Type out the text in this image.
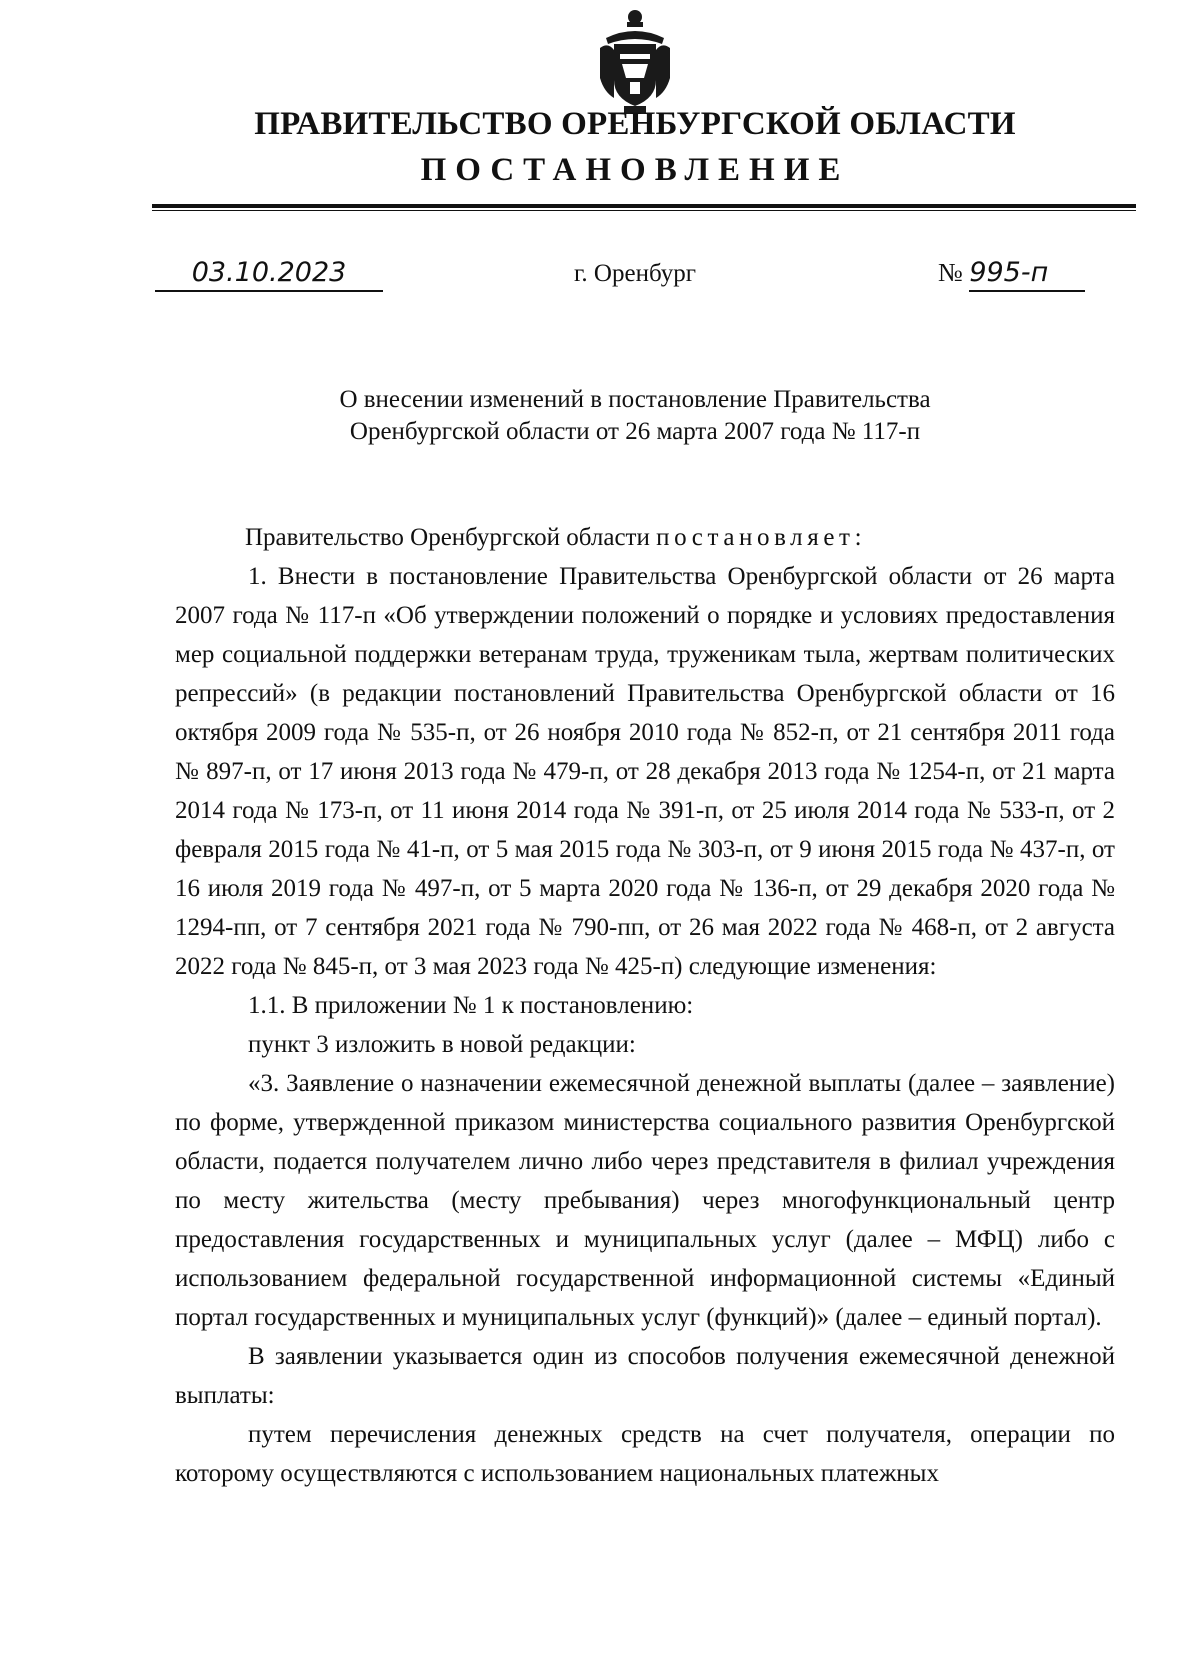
ПРАВИТЕЛЬСТВО ОРЕНБУРГСКОЙ ОБЛАСТИ
ПОСТАНОВЛЕНИЕ
03.10.2023	г. Оренбург	№ 995-п
О внесении изменений в постановление Правительства
Оренбургской области от 26 марта 2007 года № 117-п

Правительство Оренбургской области постановляет:

1. Внести в постановление Правительства Оренбургской области от 26 марта 2007 года № 117-п «Об утверждении положений о порядке и условиях предоставления мер социальной поддержки ветеранам труда, труженикам тыла, жертвам политических репрессий» (в редакции постановлений Правительства Оренбургской области от 16 октября 2009 года № 535-п, от 26 ноября 2010 года № 852-п, от 21 сентября 2011 года № 897-п, от 17 июня 2013 года № 479-п, от 28 декабря 2013 года № 1254-п, от 21 марта 2014 года № 173-п, от 11 июня 2014 года № 391-п, от 25 июля 2014 года № 533-п, от 2 февраля 2015 года № 41-п, от 5 мая 2015 года № 303-п, от 9 июня 2015 года № 437-п, от 16 июля 2019 года № 497-п, от 5 марта 2020 года № 136-п, от 29 декабря 2020 года № 1294-пп, от 7 сентября 2021 года № 790-пп, от 26 мая 2022 года № 468-п, от 2 августа 2022 года № 845-п, от 3 мая 2023 года № 425-п) следующие изменения:

1.1. В приложении № 1 к постановлению:

пункт 3 изложить в новой редакции:

«3. Заявление о назначении ежемесячной денежной выплаты (далее – заявление) по форме, утвержденной приказом министерства социального развития Оренбургской области, подается получателем лично либо через представителя в филиал учреждения по месту жительства (месту пребывания) через многофункциональный центр предоставления государственных и муниципальных услуг (далее – МФЦ) либо с использованием федеральной государственной информационной системы «Единый портал государственных и муниципальных услуг (функций)» (далее – единый портал).

В заявлении указывается один из способов получения ежемесячной денежной выплаты:

путем перечисления денежных средств на счет получателя, операции по которому осуществляются с использованием национальных платежных
